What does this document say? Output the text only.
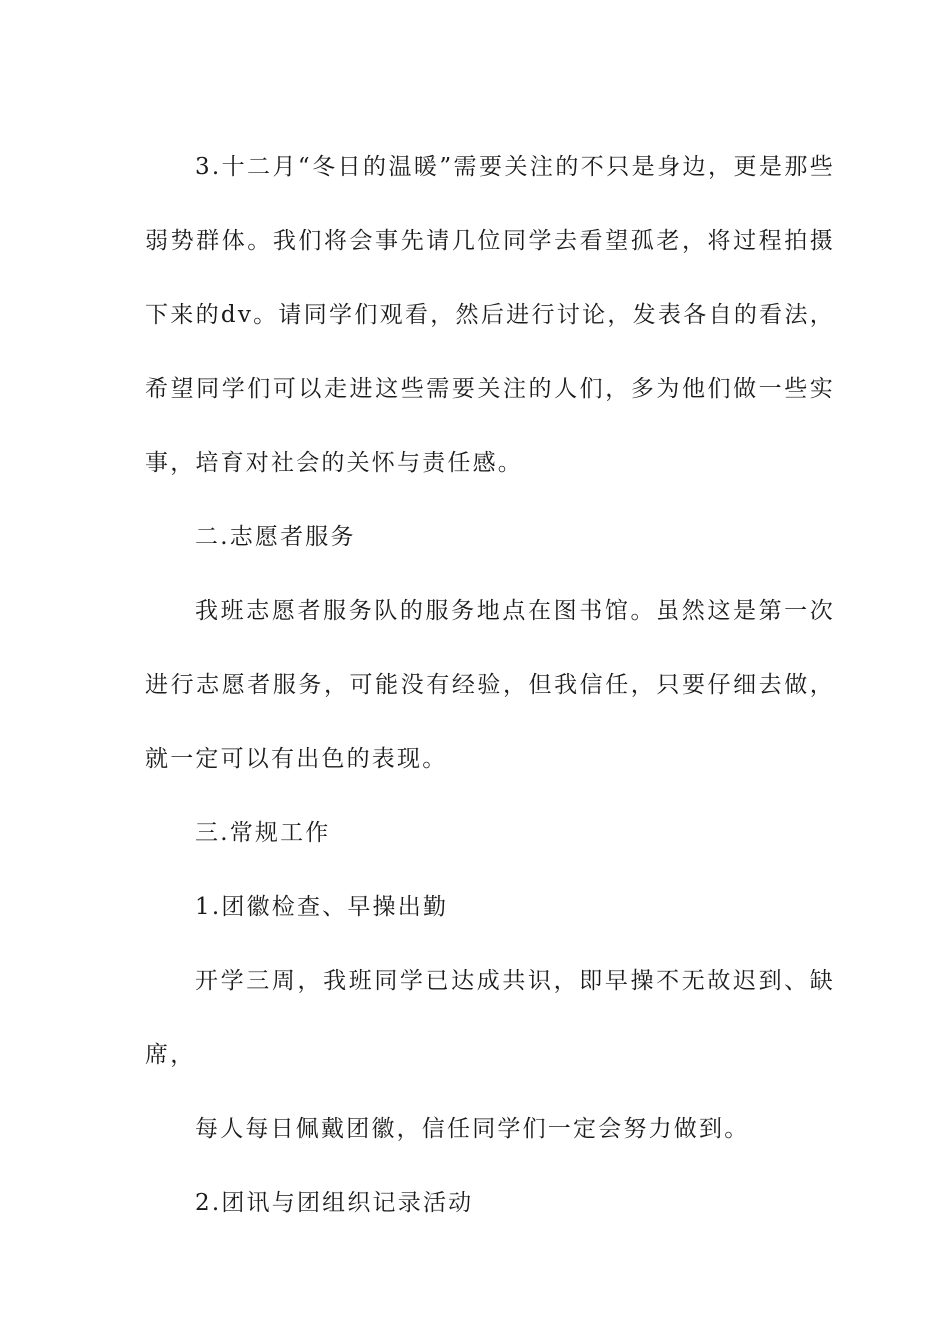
3.十二月“冬日的温暖”需要关注的不只是身边，更是那些弱势群体。我们将会事先请几位同学去看望孤老，将过程拍摄下来的dv。请同学们观看，然后进行讨论，发表各自的看法，希望同学们可以走进这些需要关注的人们，多为他们做一些实事，培育对社会的关怀与责任感。

二.志愿者服务

我班志愿者服务队的服务地点在图书馆。虽然这是第一次进行志愿者服务，可能没有经验，但我信任，只要仔细去做，就一定可以有出色的表现。

三.常规工作

1.团徽检查、早操出勤

开学三周，我班同学已达成共识，即早操不无故迟到、缺席，

每人每日佩戴团徽，信任同学们一定会努力做到。

2.团讯与团组织记录活动
